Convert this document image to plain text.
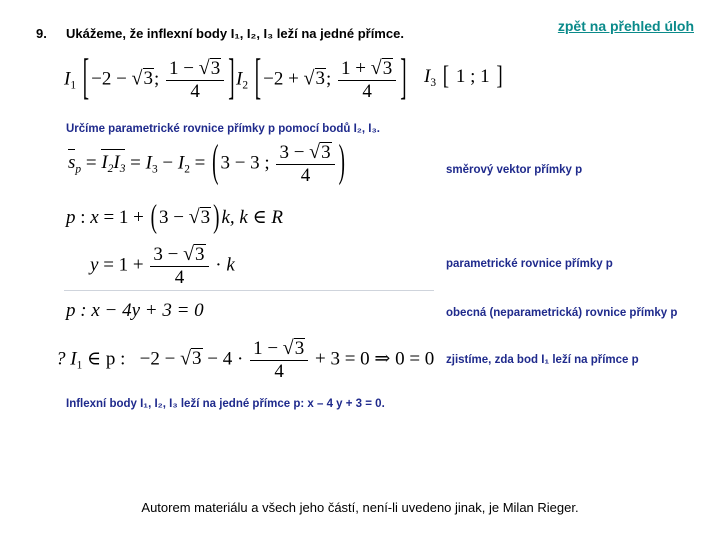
9. Ukážeme, že inflexní body I₁, I₂, I₃ leží na jedné přímce.	zpět na přehled úloh
$I_1$ [ −2 − √3; $\frac{1 - √3}{4}$ ] $I_2$ [ −2 + √3; $\frac{1 + √3}{4}$ ] $I_3$ [ 1 ; 1 ]
Určíme parametrické rovnice přímky p pomocí bodů I₂, I₃.
$s_p = I_2I_3 = I_3 - I_2$ = ( 3 − 3 ; $\frac{3 - √3}{4}$ )	směrový vektor přímky p
p : x = 1 + ( 3 − √3 ) k, k ∈ R
$y = 1 + \frac{3 - √3}{4} \cdot k$	parametrické rovnice přímky p
p : x − 4y + 3 = 0	obecná (neparametrická) rovnice přímky p
? $I_1$ ∈ p :   $-2 - √3 - 4 \cdot \frac{1 - √3}{4} + 3 = 0$ ⇒ 0 = 0 zjistíme, zda bod I₁ leží na přímce p
Inflexní body I₁, I₂, I₃ leží na jedné přímce p: x – 4 y + 3 = 0.
Autorem materiálu a všech jeho částí, není-li uvedeno jinak, je Milan Rieger.
